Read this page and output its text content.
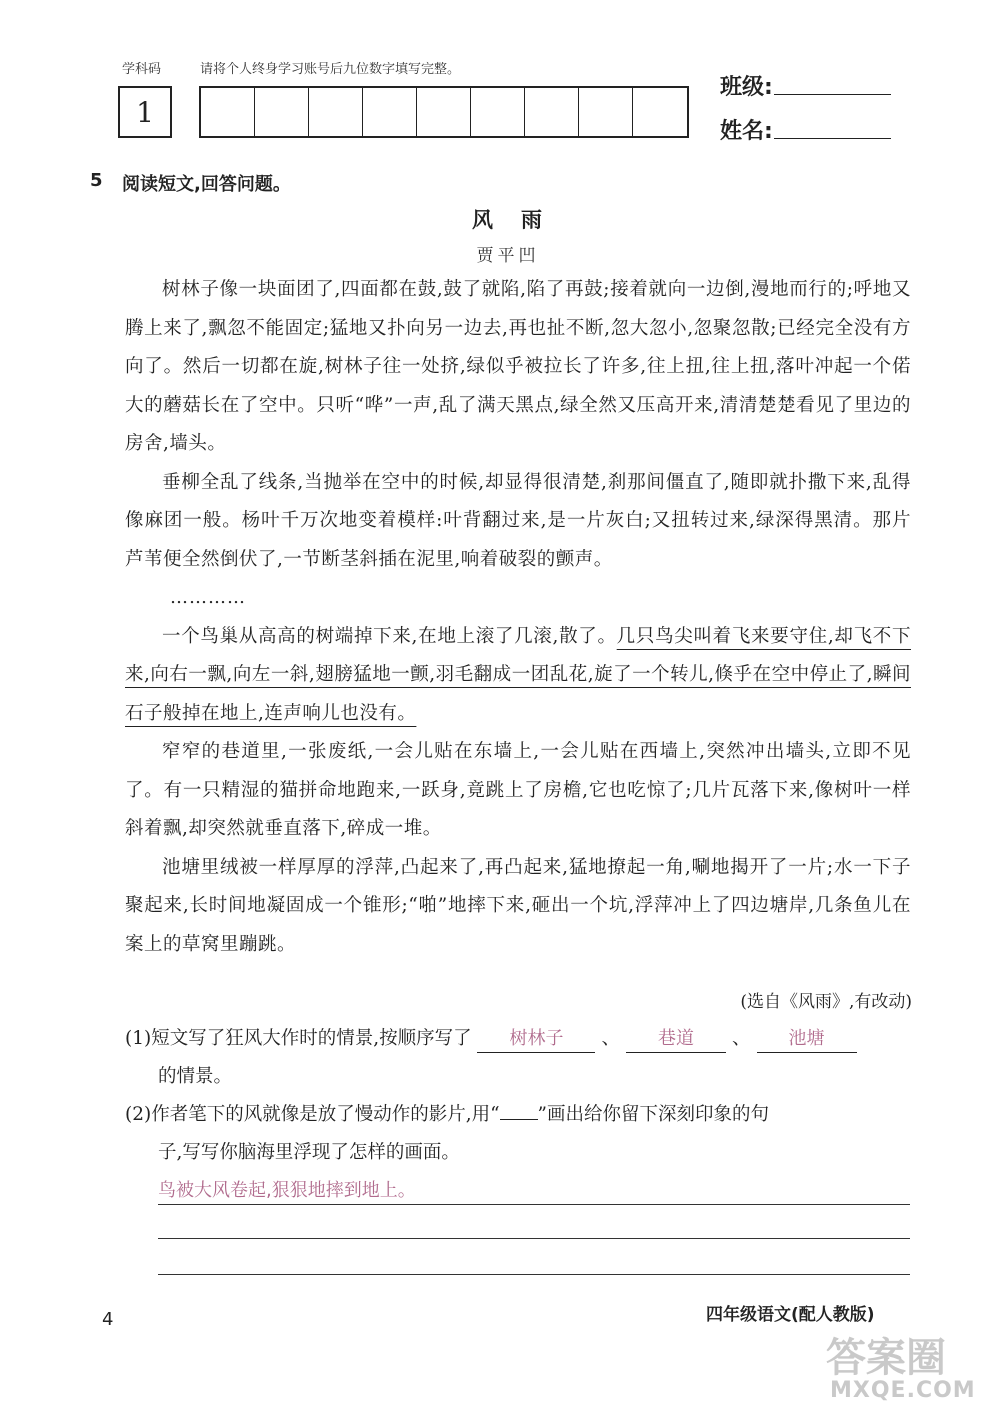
学科码	请将个人终身学习账号后九位数字填写完整。
1
班级:
姓名:
5 阅读短文,回答问题。
风雨
贾平凹

树林子像一块面团了,四面都在鼓,鼓了就陷,陷了再鼓;接着就向一边倒,漫地而行的;呼地又腾上来了,飘忽不能固定;猛地又扑向另一边去,再也扯不断,忽大忽小,忽聚忽散;已经完全没有方向了。然后一切都在旋,树林子往一处挤,绿似乎被拉长了许多,往上扭,往上扭,落叶冲起一个偌大的蘑菇长在了空中。只听“哗”一声,乱了满天黑点,绿全然又压高开来,清清楚楚看见了里边的房舍,墙头。

垂柳全乱了线条,当抛举在空中的时候,却显得很清楚,刹那间僵直了,随即就扑撒下来,乱得像麻团一般。杨叶千万次地变着模样:叶背翻过来,是一片灰白;又扭转过来,绿深得黑清。那片芦苇便全然倒伏了,一节断茎斜插在泥里,响着破裂的颤声。

…………

一个鸟巢从高高的树端掉下来,在地上滚了几滚,散了。几只鸟尖叫着飞来要守住,却飞不下来,向右一飘,向左一斜,翅膀猛地一颤,羽毛翻成一团乱花,旋了一个转儿,倏乎在空中停止了,瞬间石子般掉在地上,连声响儿也没有。

窄窄的巷道里,一张废纸,一会儿贴在东墙上,一会儿贴在西墙上,突然冲出墙头,立即不见了。有一只精湿的猫拼命地跑来,一跃身,竟跳上了房檐,它也吃惊了;几片瓦落下来,像树叶一样斜着飘,却突然就垂直落下,碎成一堆。

池塘里绒被一样厚厚的浮萍,凸起来了,再凸起来,猛地撩起一角,唰地揭开了一片;水一下子聚起来,长时间地凝固成一个锥形;“啪”地摔下来,砸出一个坑,浮萍冲上了四边塘岸,几条鱼儿在案上的草窝里蹦跳。

(选自《风雨》,有改动)
(1)短文写了狂风大作时的情景,按顺序写了 树林子 、 巷道 、 池塘
的情景。
(2)作者笔下的风就像是放了慢动作的影片,用“ ”画出给你留下深刻印象的句
子,写写你脑海里浮现了怎样的画面。
鸟被大风卷起,狠狠地摔到地上。
4	四年级语文(配人教版)
答案圈
MXQE.COM
